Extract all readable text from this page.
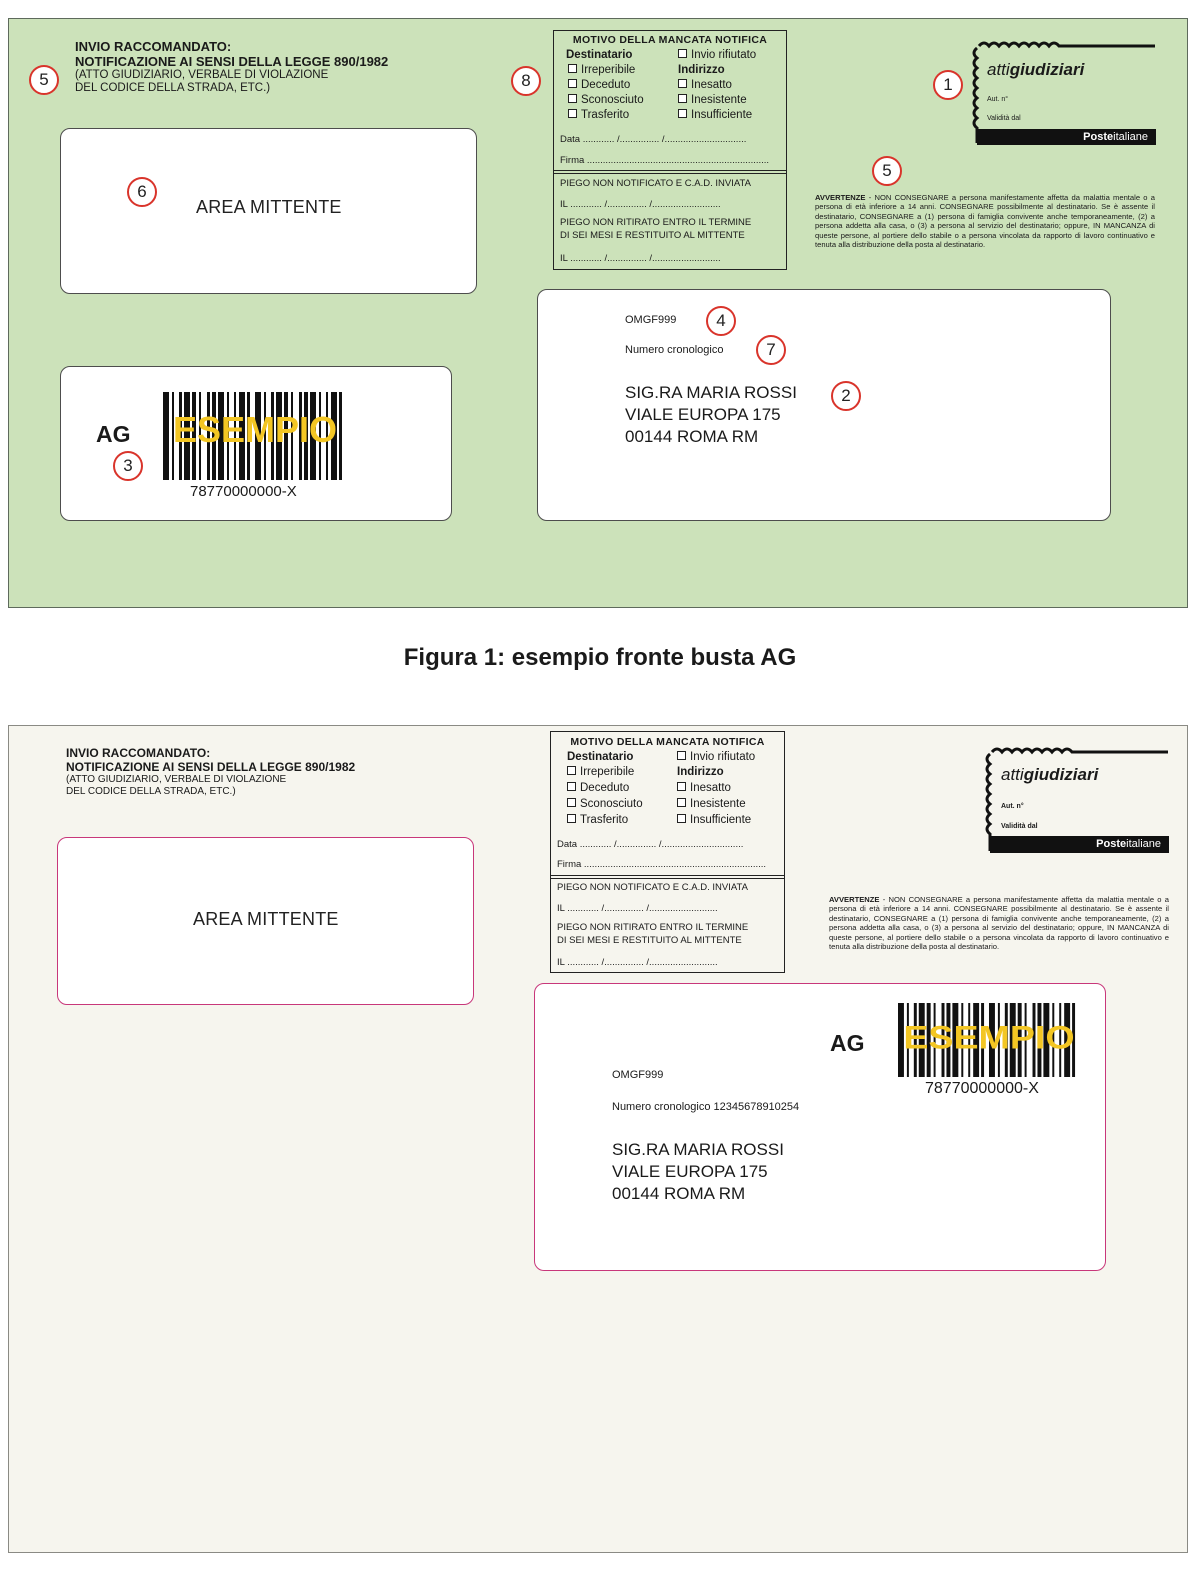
INVIO RACCOMANDATO:
NOTIFICAZIONE AI SENSI DELLA LEGGE 890/1982
(ATTO GIUDIZIARIO, VERBALE DI VIOLAZIONE
DEL CODICE DELLA STRADA, ETC.)
5
AREA MITTENTE
6
MOTIVO DELLA MANCATA NOTIFICA
Destinatario
Irreperibile
Deceduto
Sconosciuto
Trasferito
Invio rifiutato
Indirizzo
Inesatto
Inesistente
Insufficiente
Data ............ /............... /...............................
Firma .....................................................................
PIEGO NON NOTIFICATO E C.A.D. INVIATA
IL ............ /............... /..........................
PIEGO NON RITIRATO ENTRO IL TERMINE
DI SEI MESI E RESTITUITO AL MITTENTE
IL ............ /............... /..........................
8
attigiudiziari
Aut. n°
Validità dal
Posteitaliane
1
AVVERTENZE - NON CONSEGNARE a persona manifestamente affetta da malattia mentale o a persona di età inferiore a 14 anni. CONSEGNARE possibilmente al destinatario. Se è assente il destinatario, CONSEGNARE a (1) persona di famiglia convivente anche temporaneamente, (2) a persona addetta alla casa, o (3) a persona al servizio del destinatario; oppure, IN MANCANZA di queste persone, al portiere dello stabile o a persona vincolata da rapporto di lavoro continuativo e tenuta alla distribuzione della posta al destinatario.
5
AG
3
ESEMPIO
78770000000-X
OMGF999	4
Numero cronologico	7
SIG.RA MARIA ROSSI
VIALE EUROPA 175
00144 ROMA RM
2
Figura 1: esempio fronte busta AG
INVIO RACCOMANDATO:
NOTIFICAZIONE AI SENSI DELLA LEGGE 890/1982
(ATTO GIUDIZIARIO, VERBALE DI VIOLAZIONE
DEL CODICE DELLA STRADA, ETC.)
AREA MITTENTE
MOTIVO DELLA MANCATA NOTIFICA
Destinatario
Irreperibile
Deceduto
Sconosciuto
Trasferito
Invio rifiutato
Indirizzo
Inesatto
Inesistente
Insufficiente
Data ............ /............... /...............................
Firma .....................................................................
PIEGO NON NOTIFICATO E C.A.D. INVIATA
IL ............ /............... /..........................
PIEGO NON RITIRATO ENTRO IL TERMINE
DI SEI MESI E RESTITUITO AL MITTENTE
IL ............ /............... /..........................
attigiudiziari
Aut. n°
Validità dal
Posteitaliane
AVVERTENZE - NON CONSEGNARE a persona manifestamente affetta da malattia mentale o a persona di età inferiore a 14 anni. CONSEGNARE possibilmente al destinatario. Se è assente il destinatario, CONSEGNARE a (1) persona di famiglia convivente anche temporaneamente, (2) a persona addetta alla casa, o (3) a persona al servizio del destinatario; oppure, IN MANCANZA di queste persone, al portiere dello stabile o a persona vincolata da rapporto di lavoro continuativo e tenuta alla distribuzione della posta al destinatario.
AG ESEMPIO
78770000000-X
OMGF999
Numero cronologico 12345678910254
SIG.RA MARIA ROSSI
VIALE EUROPA 175
00144 ROMA RM
